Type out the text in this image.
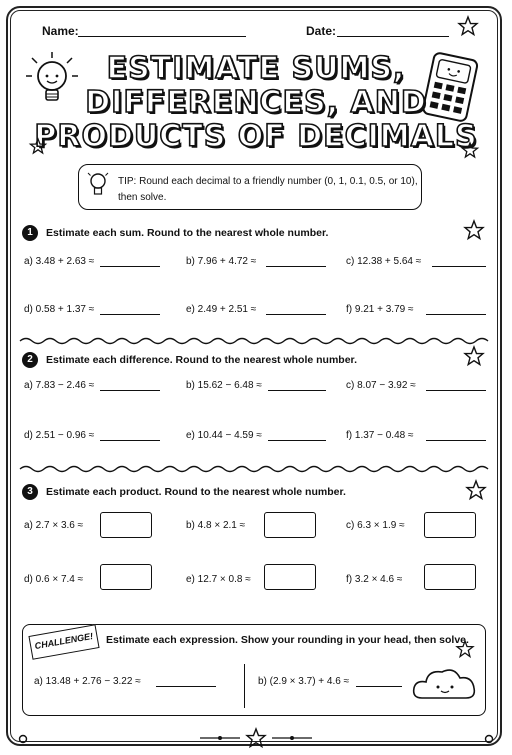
Name:	Date:
ESTIMATE SUMS,
DIFFERENCES, AND
PRODUCTS OF DECIMALS
TIP: Round each decimal to a friendly number (0, 1, 0.1, 0.5, or 10), then solve.
1	Estimate each sum. Round to the nearest whole number.
a) 3.48 + 2.63 ≈	b) 7.96 + 4.72 ≈	c) 12.38 + 5.64 ≈
d) 0.58 + 1.37 ≈	e) 2.49 + 2.51 ≈	f) 9.21 + 3.79 ≈
2	Estimate each difference. Round to the nearest whole number.
a) 7.83 − 2.46 ≈	b) 15.62 − 6.48 ≈	c) 8.07 − 3.92 ≈
d) 2.51 − 0.96 ≈	e) 10.44 − 4.59 ≈	f) 1.37 − 0.48 ≈
3	Estimate each product. Round to the nearest whole number.
a) 2.7 × 3.6 ≈	b) 4.8 × 2.1 ≈	c) 6.3 × 1.9 ≈
d) 0.6 × 7.4 ≈	e) 12.7 × 0.8 ≈	f) 3.2 × 4.6 ≈
CHALLENGE!	Estimate each expression. Show your rounding in your head, then solve.
a) 13.48 + 2.76 − 3.22 ≈	b) (2.9 × 3.7) + 4.6 ≈
